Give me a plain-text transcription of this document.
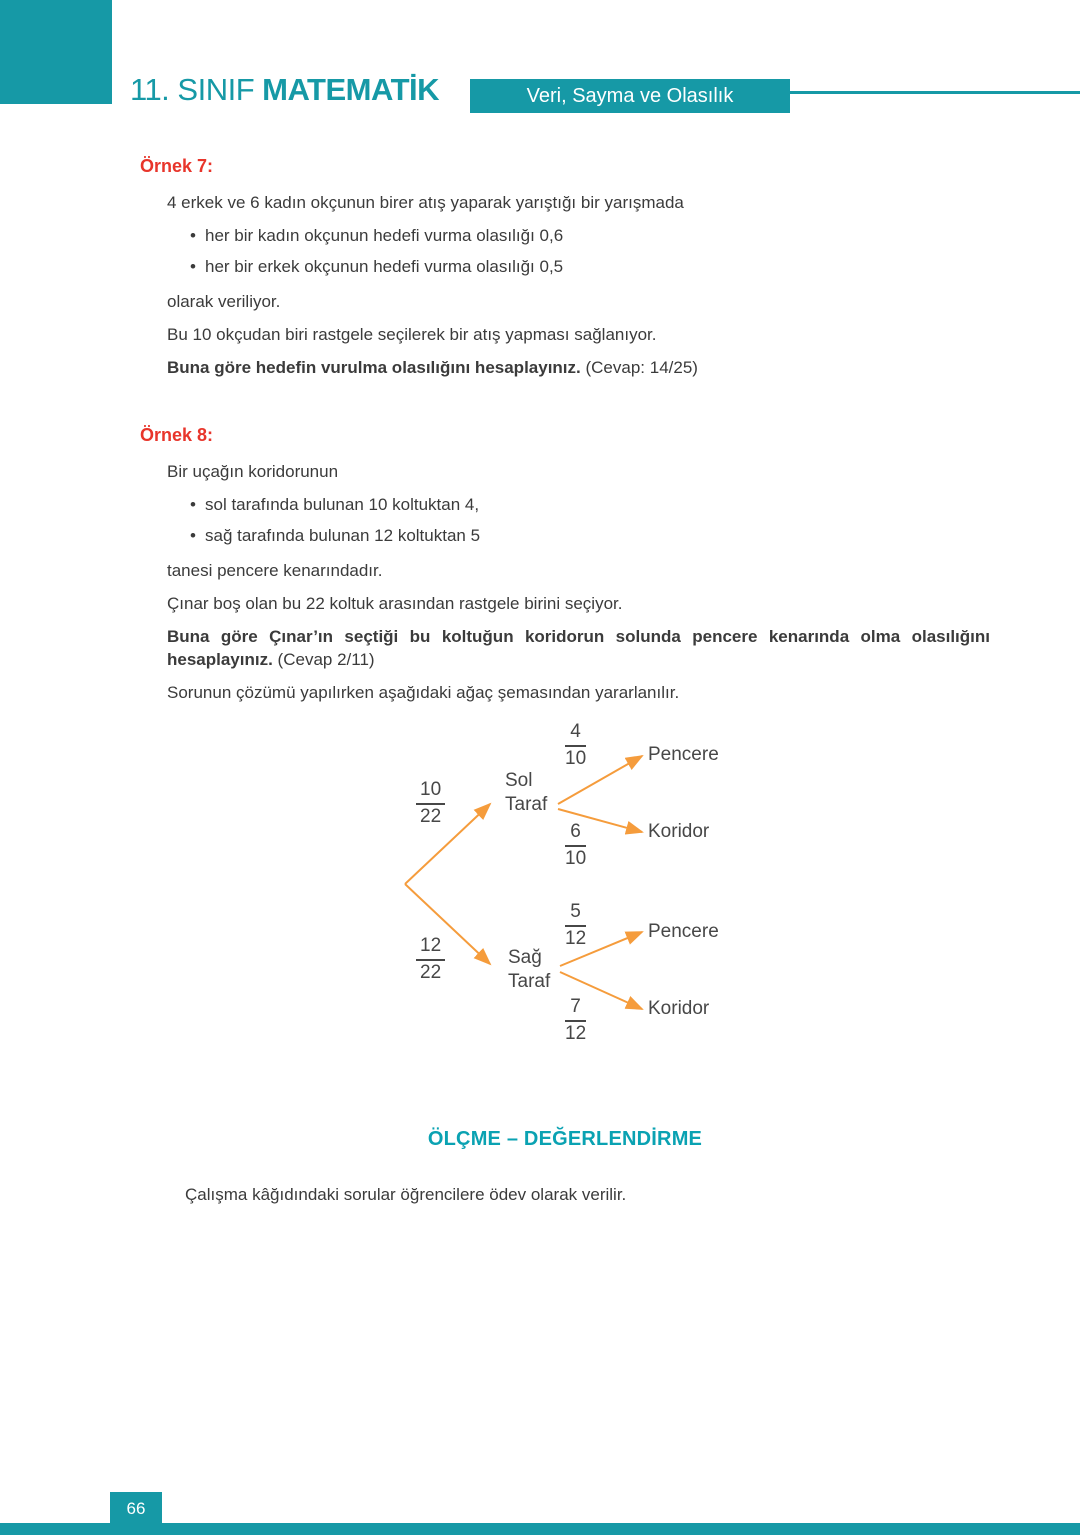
11. SINIF MATEMATİK	Veri, Sayma ve Olasılık
Örnek 7:

4 erkek ve 6 kadın okçunun birer atış yaparak yarıştığı bir yarışmada

• her bir kadın okçunun hedefi vurma olasılığı 0,6
• her bir erkek okçunun hedefi vurma olasılığı 0,5

olarak veriliyor.

Bu 10 okçudan biri rastgele seçilerek bir atış yapması sağlanıyor.

Buna göre hedefin vurulma olasılığını hesaplayınız. (Cevap: 14/25)

Örnek 8:

Bir uçağın koridorunun

• sol tarafında bulunan 10 koltuktan 4,
• sağ tarafında bulunan 12 koltuktan 5

tanesi pencere kenarındadır.

Çınar boş olan bu 22 koltuk arasından rastgele birini seçiyor.

Buna göre Çınar’ın seçtiği bu koltuğun koridorun solunda pencere kenarında olma olasılığını hesaplayınız. (Cevap 2/11)

Sorunun çözümü yapılırken aşağıdaki ağaç şemasından yararlanılır.

$\frac{10}{22}$
$\frac{12}{22}$
Sol
Taraf
Sağ
Taraf
$\frac{4}{10}$
$\frac{6}{10}$
$\frac{5}{12}$
$\frac{7}{12}$
Pencere
Koridor
Pencere
Koridor
ÖLÇME – DEĞERLENDİRME

Çalışma kâğıdındaki sorular öğrencilere ödev olarak verilir.

66
